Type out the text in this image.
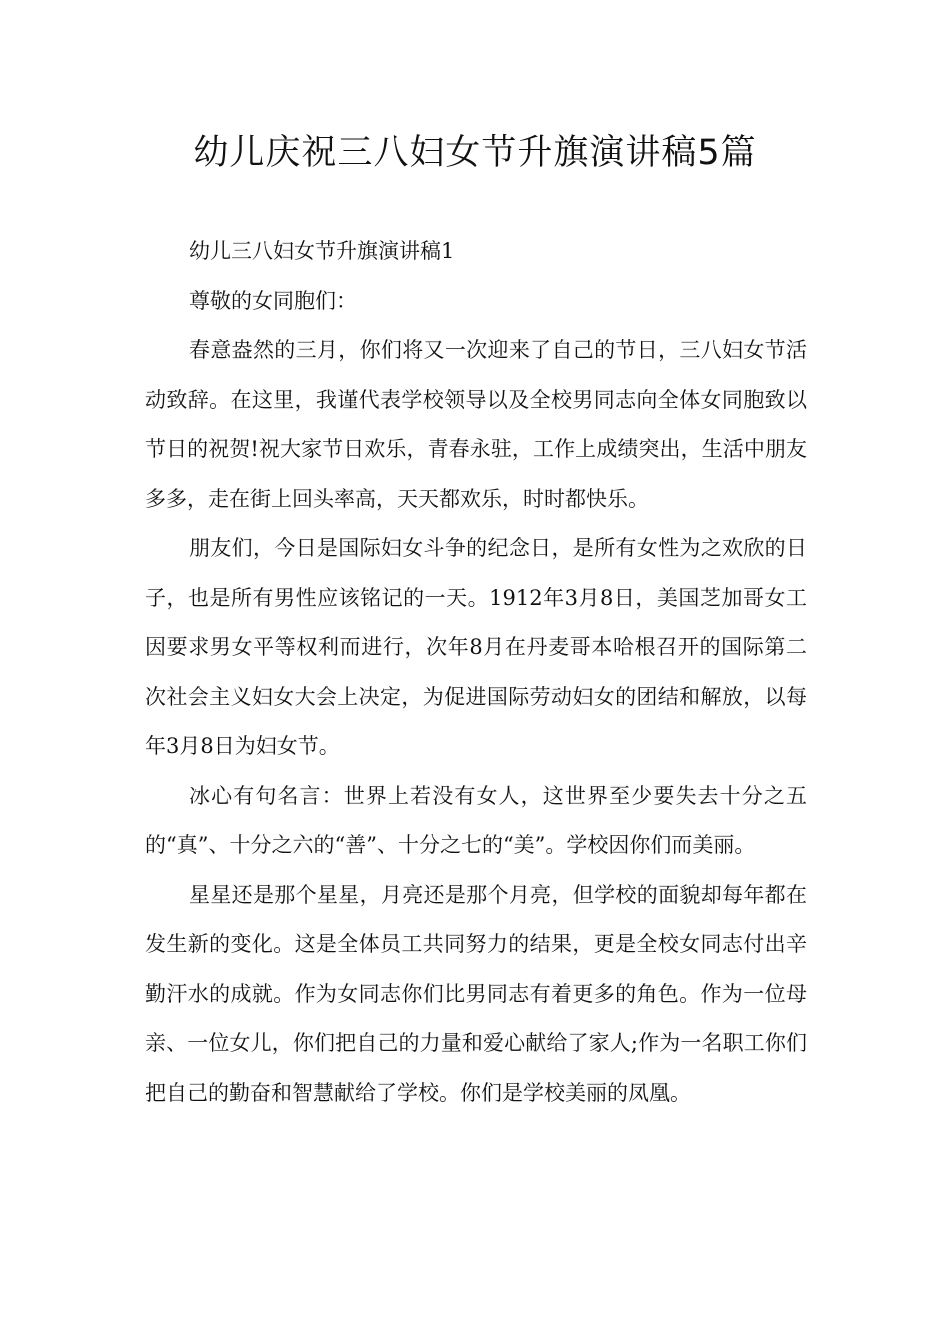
幼儿庆祝三八妇女节升旗演讲稿5篇

幼儿三八妇女节升旗演讲稿1

尊敬的女同胞们：

春意盎然的三月，你们将又一次迎来了自己的节日，三八妇女节活动致辞。在这里，我谨代表学校领导以及全校男同志向全体女同胞致以节日的祝贺!祝大家节日欢乐，青春永驻，工作上成绩突出，生活中朋友多多，走在街上回头率高，天天都欢乐，时时都快乐。

朋友们，今日是国际妇女斗争的纪念日，是所有女性为之欢欣的日子，也是所有男性应该铭记的一天。1912年3月8日，美国芝加哥女工因要求男女平等权利而进行，次年8月在丹麦哥本哈根召开的国际第二次社会主义妇女大会上决定，为促进国际劳动妇女的团结和解放，以每年3月8日为妇女节。

冰心有句名言：世界上若没有女人，这世界至少要失去十分之五的“真”、十分之六的“善”、十分之七的“美”。学校因你们而美丽。

星星还是那个星星，月亮还是那个月亮，但学校的面貌却每年都在发生新的变化。这是全体员工共同努力的结果，更是全校女同志付出辛勤汗水的成就。作为女同志你们比男同志有着更多的角色。作为一位母亲、一位女儿，你们把自己的力量和爱心献给了家人;作为一名职工你们把自己的勤奋和智慧献给了学校。你们是学校美丽的凤凰。
